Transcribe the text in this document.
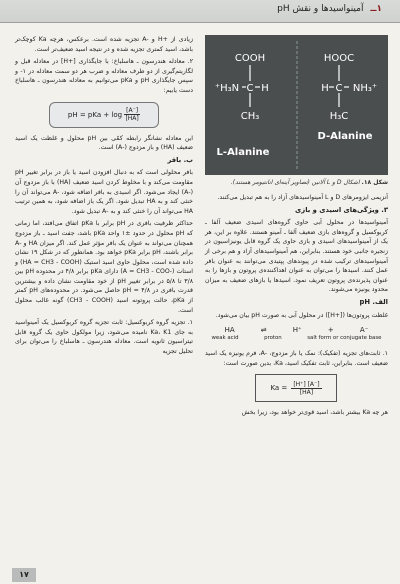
۱ــ آمینواسیدها و نقش pH

زیادی از +H و -A تجزیه شده است. برعکس، هرچه Ka کوچک‌تر باشد، اسید کمتری تجزیه شده و در نتیجه اسید ضعیف‌تر است.

۲. معادله هندرسون ـ هاسلباخ: با جایگذاری [+H] در معادله قبل و لگاریتم‌گیری از دو طرف معادله و ضرب هر دو سمت معادله در ۱- و سپس جایگذاری pH و pKa می‌توانیم به معادله هندرسون ـ هاسلباخ دست یابیم:

pH = pKa + $\log \frac{[A^-]}{[HA]}$

این معادله نشانگر رابطه کمّی بین pH محلول و غلظت یک اسید ضعیف (HA) و باز مزدوج (-A) است.

ب. بافر

بافر محلولی است که به دنبال افزودن اسید یا باز در برابر تغییر pH مقاومت می‌کند و با مخلوط کردن اسید ضعیف (HA) با باز مزدوج آن (-A) ایجاد می‌شود. اگر اسیدی به بافر اضافه شود، -A می‌تواند آن را خنثی کند و به HA تبدیل شود. اگر یک باز اضافه شود، به همین ترتیب HA می‌تواند آن را خنثی کند و به -A تبدیل شود.

حداکثر ظرفیت بافری در pH برابر با pKa اتفاق می‌افتد، اما زمانی که pH محلول در حدود ±۱ واحد pKa باشد، جفت اسید ـ باز مزدوج همچنان می‌تواند به عنوان یک بافر مؤثر عمل کند. اگر میزان HA و -A برابر باشند، pH برابر pKa خواهد بود. همانطور که در شکل ۱۹ نشان داده شده است، محلول حاوی اسید استیک (HA = CH3 - COOH) و استات (-A = CH3 - COO) دارای pKa برابر ۴/۸ در محدوده pH بین ۳/۸ تا ۵/۸ در برابر تغییر pH از خود مقاومت نشان داده و بیشترین قدرت بافری در pH = ۴/۸ حاصل می‌شود. در محدوده‌های pH کمتر از pKa، حالت پروتونه اسید (CH3 - COOH) گونه غالب محلول است.

۱. تجزیه گروه کربوکسیل: ثابت تجزیه گروه کربوکسیل یک آمینواسید به جای Ka، K1 نامیده می‌شود، زیرا مولکول حاوی یک گروه قابل تیتراسیون ثانویه است. معادله هندرسون ـ هاسلباخ را می‌توان برای تحلیل تجزیه

COOH
⁺H₃N C H
CH₃
L-Alanine
HOOC
H C NH₃⁺
H₃C
D-Alanine
شکل ۱۸. اشکال D و L آلانین (تصاویر آینه‌ای انانتیومر هستند).

آنزیمی ایزومرهای D و L آمینواسیدهای آزاد را به هم تبدیل می‌کنند.

۳. ویژگی‌های اسیدی و بازی

آمینواسیدها در محلول آبی حاوی گروه‌های اسیدی ضعیف آلفا ـ کربوکسیل و گروه‌های بازی ضعیف آلفا ـ آمینو هستند. علاوه بر این، هر یک از آمینواسیدهای اسیدی و بازی حاوی یک گروه قابل یونیزاسیون در زنجیره جانبی خود هستند. بنابراین، هم آمینواسیدهای آزاد و هم برخی از آمینواسیدهای ترکیب شده در پیوندهای پپتیدی می‌توانند به عنوان بافر عمل کنند. اسیدها را می‌توان به عنوان اهداکننده‌ی پروتون و بازها را به عنوان پذیرنده‌ی پروتون تعریف نمود. اسیدها یا بازهای ضعیف به میزان محدود یونیزه می‌شوند.

الف. pH

غلظت پروتون‌ها ([+H]) در محلول آبی به صورت pH بیان می‌شود.

HA	⇌	H⁺	+	A⁻
weak acid	proton	salt form or conjugate base

۱. ثابت‌های تجزیه (تفکیک): نمک یا باز مزدوج، -A، فرم یونیزه یک اسید ضعیف است. بنابراین، ثابت تفکیک اسید، Ka، بدین صورت است:

$Ka = \frac{[H^+] [A^-]}{[HA]}$

هر چه Ka بیشتر باشد، اسید قوی‌تر خواهد بود، زیرا بخش

۱۷
